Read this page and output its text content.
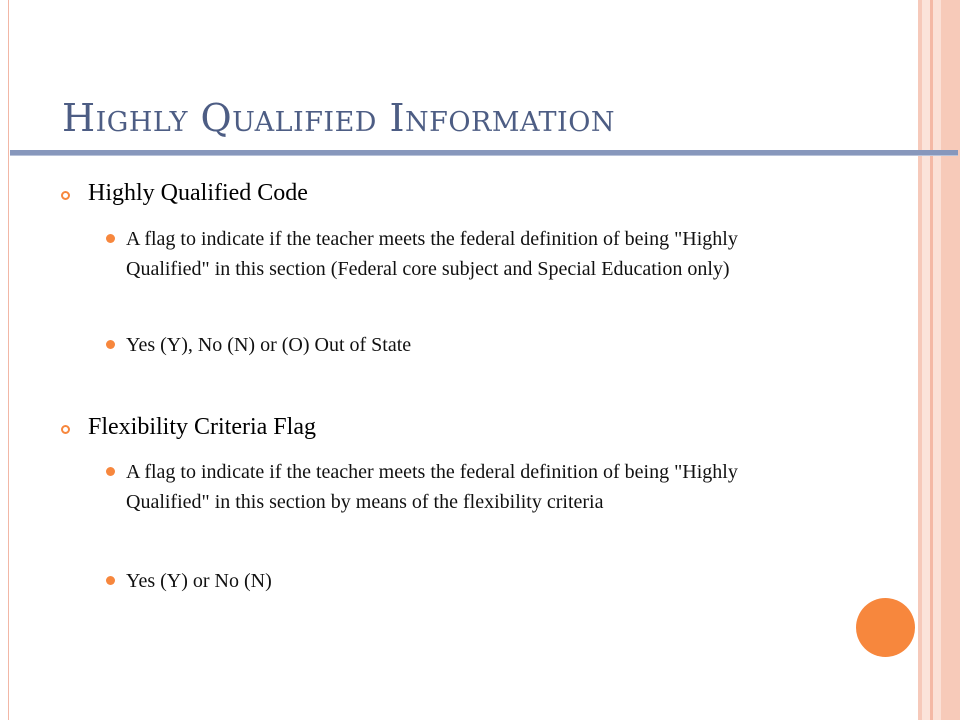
Highly Qualified Information
Highly Qualified Code
A flag to indicate if the teacher meets the federal definition of being "Highly Qualified" in this section (Federal core subject and Special Education only)
Yes (Y), No (N) or (O) Out of State
Flexibility Criteria Flag
A flag to indicate if the teacher meets the federal definition of being "Highly Qualified" in this section by means of the flexibility criteria
Yes (Y) or No (N)
